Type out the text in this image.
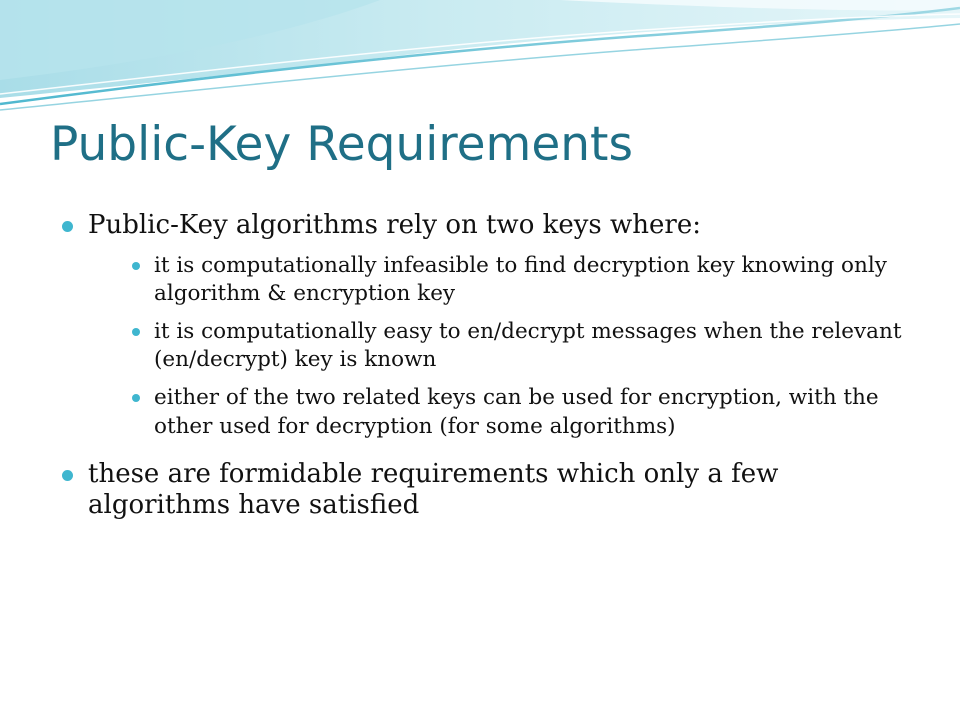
Public-Key Requirements
Public-Key algorithms rely on two keys where:
it is computationally infeasible to find decryption key knowing only algorithm & encryption key
it is computationally easy to en/decrypt messages when the relevant (en/decrypt) key is known
either of the two related keys can be used for encryption, with the other used for decryption (for some algorithms)
these are formidable requirements which only a few algorithms have satisfied
